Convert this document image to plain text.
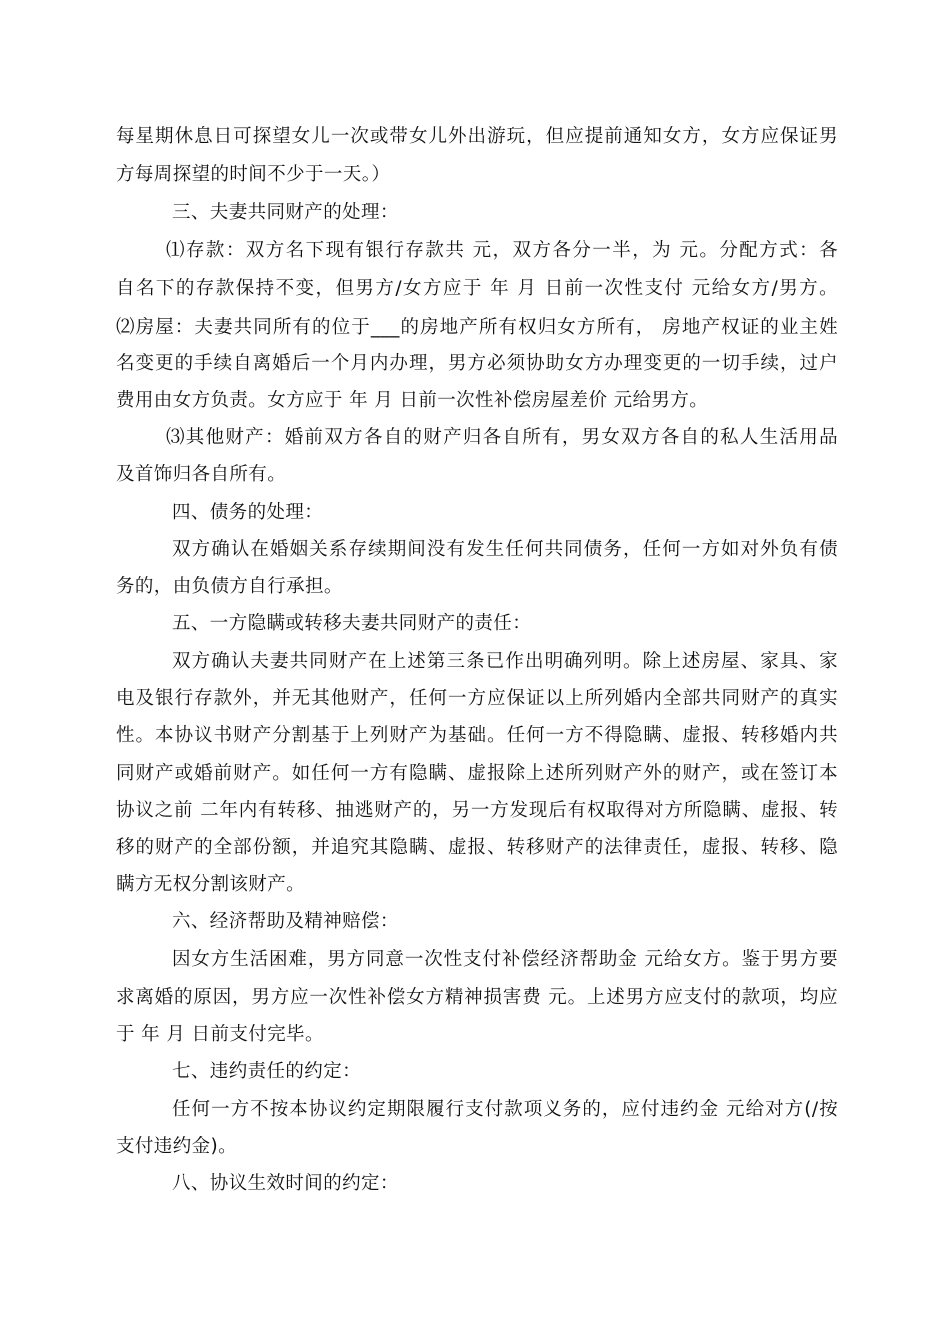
每星期休息日可探望女儿一次或带女儿外出游玩，但应提前通知女方，女方应保证男
方每周探望的时间不少于一天。）
三、夫妻共同财产的处理：
⑴存款：双方名下现有银行存款共 元，双方各分一半，为 元。分配方式：各
自名下的存款保持不变，但男方/女方应于 年 月 日前一次性支付 元给女方/男方。
⑵房屋：夫妻共同所有的位于___的房地产所有权归女方所有， 房地产权证的业主姓
名变更的手续自离婚后一个月内办理，男方必须协助女方办理变更的一切手续，过户
费用由女方负责。女方应于 年 月 日前一次性补偿房屋差价 元给男方。
⑶其他财产：婚前双方各自的财产归各自所有，男女双方各自的私人生活用品
及首饰归各自所有。
四、债务的处理：
双方确认在婚姻关系存续期间没有发生任何共同债务，任何一方如对外负有债
务的，由负债方自行承担。
五、一方隐瞒或转移夫妻共同财产的责任：
双方确认夫妻共同财产在上述第三条已作出明确列明。除上述房屋、家具、家
电及银行存款外，并无其他财产，任何一方应保证以上所列婚内全部共同财产的真实
性。本协议书财产分割基于上列财产为基础。任何一方不得隐瞒、虚报、转移婚内共
同财产或婚前财产。如任何一方有隐瞒、虚报除上述所列财产外的财产，或在签订本
协议之前 二年内有转移、抽逃财产的，另一方发现后有权取得对方所隐瞒、虚报、转
移的财产的全部份额，并追究其隐瞒、虚报、转移财产的法律责任，虚报、转移、隐
瞒方无权分割该财产。
六、经济帮助及精神赔偿：
因女方生活困难，男方同意一次性支付补偿经济帮助金 元给女方。鉴于男方要
求离婚的原因，男方应一次性补偿女方精神损害费 元。上述男方应支付的款项，均应
于 年 月 日前支付完毕。
七、违约责任的约定：
任何一方不按本协议约定期限履行支付款项义务的，应付违约金 元给对方(/按
支付违约金)。
八、协议生效时间的约定：
